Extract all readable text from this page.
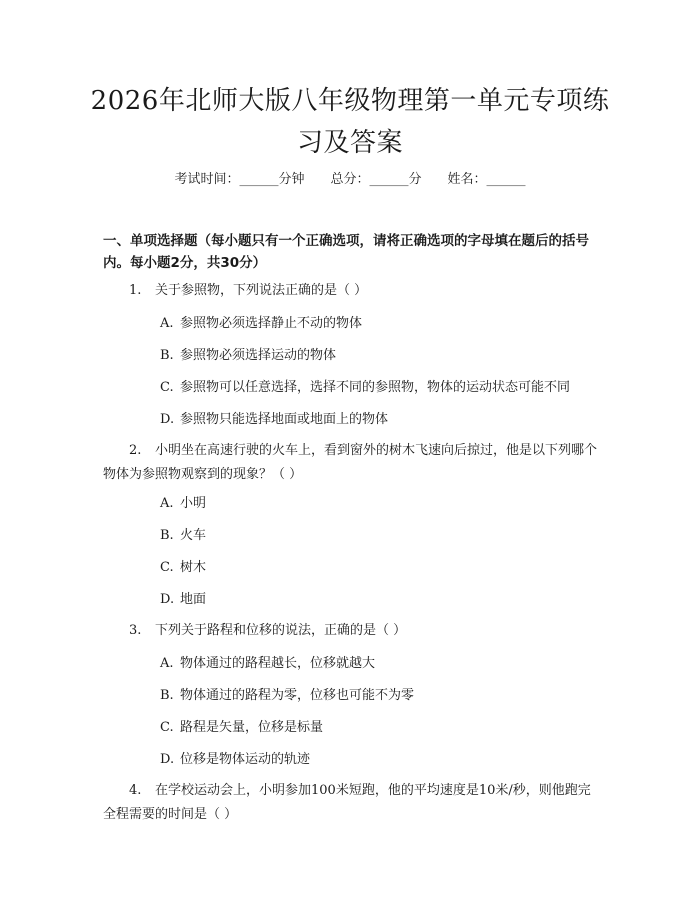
2026年北师大版八年级物理第一单元专项练习及答案
考试时间：______分钟 总分：______分 姓名：______
一、单项选择题（每小题只有一个正确选项，请将正确选项的字母填在题后的括号内。每小题2分，共30分）
1. 关于参照物，下列说法正确的是（ ）
A. 参照物必须选择静止不动的物体
B. 参照物必须选择运动的物体
C. 参照物可以任意选择，选择不同的参照物，物体的运动状态可能不同
D. 参照物只能选择地面或地面上的物体
2. 小明坐在高速行驶的火车上，看到窗外的树木飞速向后掠过，他是以下列哪个物体为参照物观察到的现象？（ ）
A. 小明
B. 火车
C. 树木
D. 地面
3. 下列关于路程和位移的说法，正确的是（ ）
A. 物体通过的路程越长，位移就越大
B. 物体通过的路程为零，位移也可能不为零
C. 路程是矢量，位移是标量
D. 位移是物体运动的轨迹
4. 在学校运动会上，小明参加100米短跑，他的平均速度是10米/秒，则他跑完全程需要的时间是（ ）
